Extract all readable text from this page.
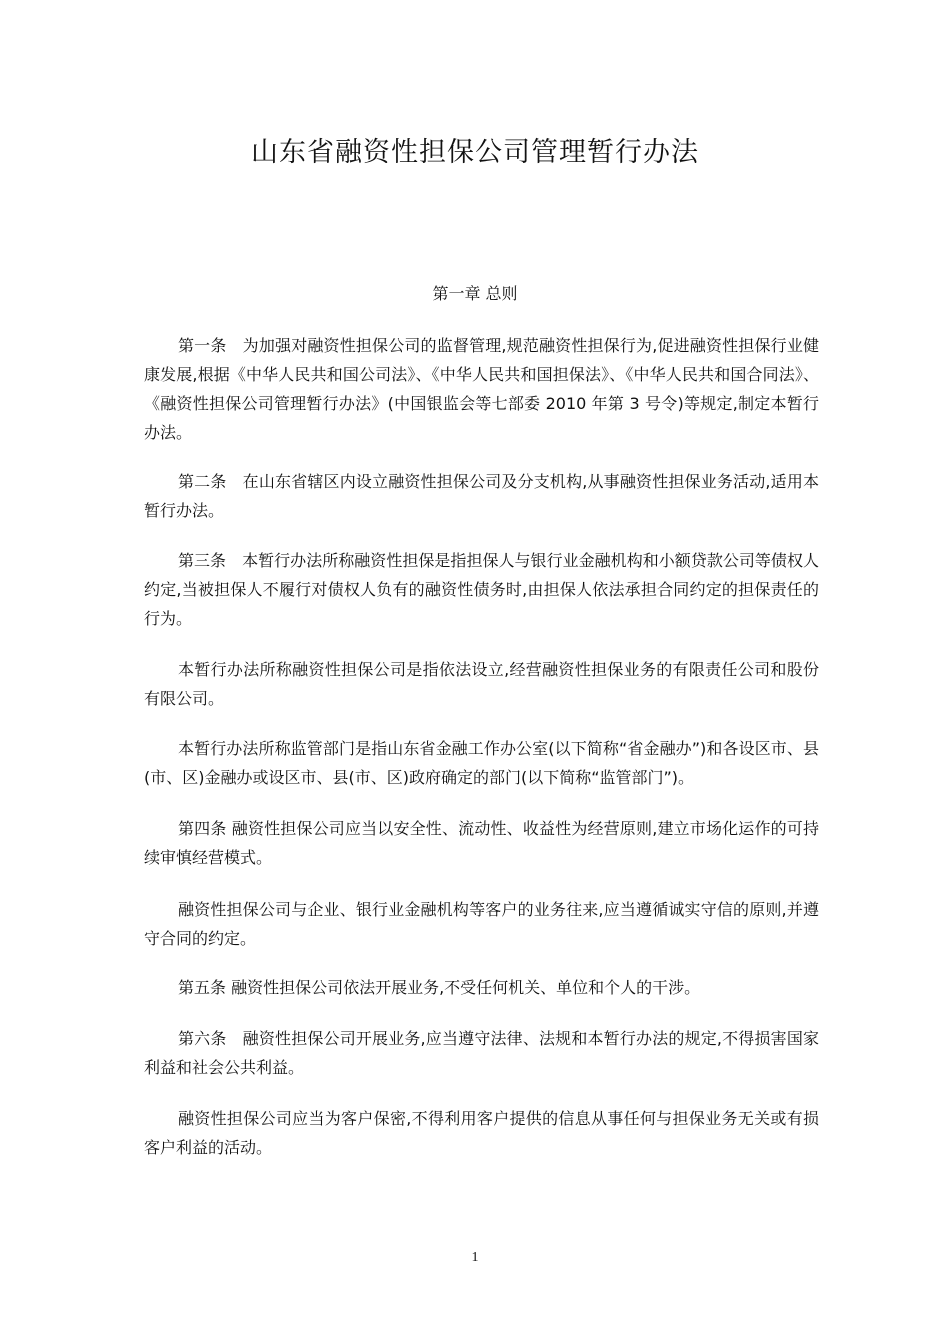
山东省融资性担保公司管理暂行办法
第一章 总则

第一条　为加强对融资性担保公司的监督管理,规范融资性担保行为,促进融资性担保行业健康发展,根据《中华人民共和国公司法》、《中华人民共和国担保法》、《中华人民共和国合同法》、《融资性担保公司管理暂行办法》(中国银监会等七部委 2010 年第 3 号令)等规定,制定本暂行办法。

第二条　在山东省辖区内设立融资性担保公司及分支机构,从事融资性担保业务活动,适用本暂行办法。

第三条　本暂行办法所称融资性担保是指担保人与银行业金融机构和小额贷款公司等债权人约定,当被担保人不履行对债权人负有的融资性债务时,由担保人依法承担合同约定的担保责任的行为。

本暂行办法所称融资性担保公司是指依法设立,经营融资性担保业务的有限责任公司和股份有限公司。

本暂行办法所称监管部门是指山东省金融工作办公室(以下简称“省金融办”)和各设区市、县(市、区)金融办或设区市、县(市、区)政府确定的部门(以下简称“监管部门”)。

第四条 融资性担保公司应当以安全性、流动性、收益性为经营原则,建立市场化运作的可持续审慎经营模式。

融资性担保公司与企业、银行业金融机构等客户的业务往来,应当遵循诚实守信的原则,并遵守合同的约定。

第五条 融资性担保公司依法开展业务,不受任何机关、单位和个人的干涉。

第六条　融资性担保公司开展业务,应当遵守法律、法规和本暂行办法的规定,不得损害国家利益和社会公共利益。

融资性担保公司应当为客户保密,不得利用客户提供的信息从事任何与担保业务无关或有损客户利益的活动。

1
